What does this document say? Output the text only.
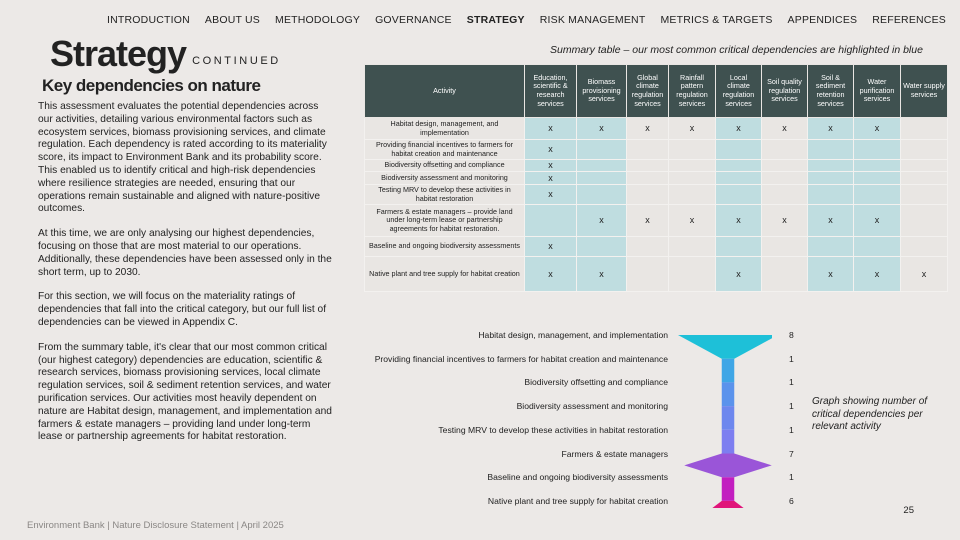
INTRODUCTION ABOUT US METHODOLOGY GOVERNANCE STRATEGY RISK MANAGEMENT METRICS & TARGETS APPENDICES REFERENCES
Strategy CONTINUED
Key dependencies on nature

This assessment evaluates the potential dependencies across our activities, detailing various environmental factors such as ecosystem services, biomass provisioning services, and climate regulation. Each dependency is rated according to its materiality score, its impact to Environment Bank and its probability score. This enabled us to identify critical and high-risk dependencies where resilience strategies are needed, ensuring that our operations remain sustainable and aligned with nature-positive outcomes.

At this time, we are only analysing our highest dependencies, focusing on those that are most material to our operations. Additionally, these dependencies have been assessed only in the short term, up to 2030.

For this section, we will focus on the materiality ratings of dependencies that fall into the critical category, but our full list of dependencies can be viewed in Appendix C.

From the summary table, it's clear that our most common critical (our highest category) dependencies are education, scientific & research services, biomass provisioning services, local climate regulation services, soil & sediment retention services, and water purification services. Our activities most heavily dependent on nature are Habitat design, management, and implementation and farmers & estate managers – providing land under long-term lease or partnership agreements for habitat restoration.

Summary table – our most common critical dependencies are highlighted in blue
Activity	Education, scientific & research services	Biomass provisioning services	Global climate regulation services	Rainfall pattern regulation services	Local climate regulation services	Soil quality regulation services	Soil & sediment retention services	Water purification services	Water supply services
Habitat design, management, and implementation	x	x	x	x	x	x	x	x	
Providing financial incentives to farmers for habitat creation and maintenance	x								
Biodiversity offsetting and compliance	x								
Biodiversity assessment and monitoring	x								
Testing MRV to develop these activities in habitat restoration	x								
Farmers & estate managers – provide land under long-term lease or partnership agreements for habitat restoration.		x	x	x	x	x	x	x	
Baseline and ongoing biodiversity assessments	x								
Native plant and tree supply for habitat creation	x	x			x		x	x	x
Habitat design, management, and implementation	8
Providing financial incentives to farmers for habitat creation and maintenance	1
Biodiversity offsetting and compliance	1
Biodiversity assessment and monitoring	1
Testing MRV to develop these activities in habitat restoration	1
Farmers & estate managers	7
Baseline and ongoing biodiversity assessments	1
Native plant and tree supply for habitat creation	6
Graph showing number of critical dependencies per relevant activity
Environment Bank | Nature Disclosure Statement | April 2025
25
